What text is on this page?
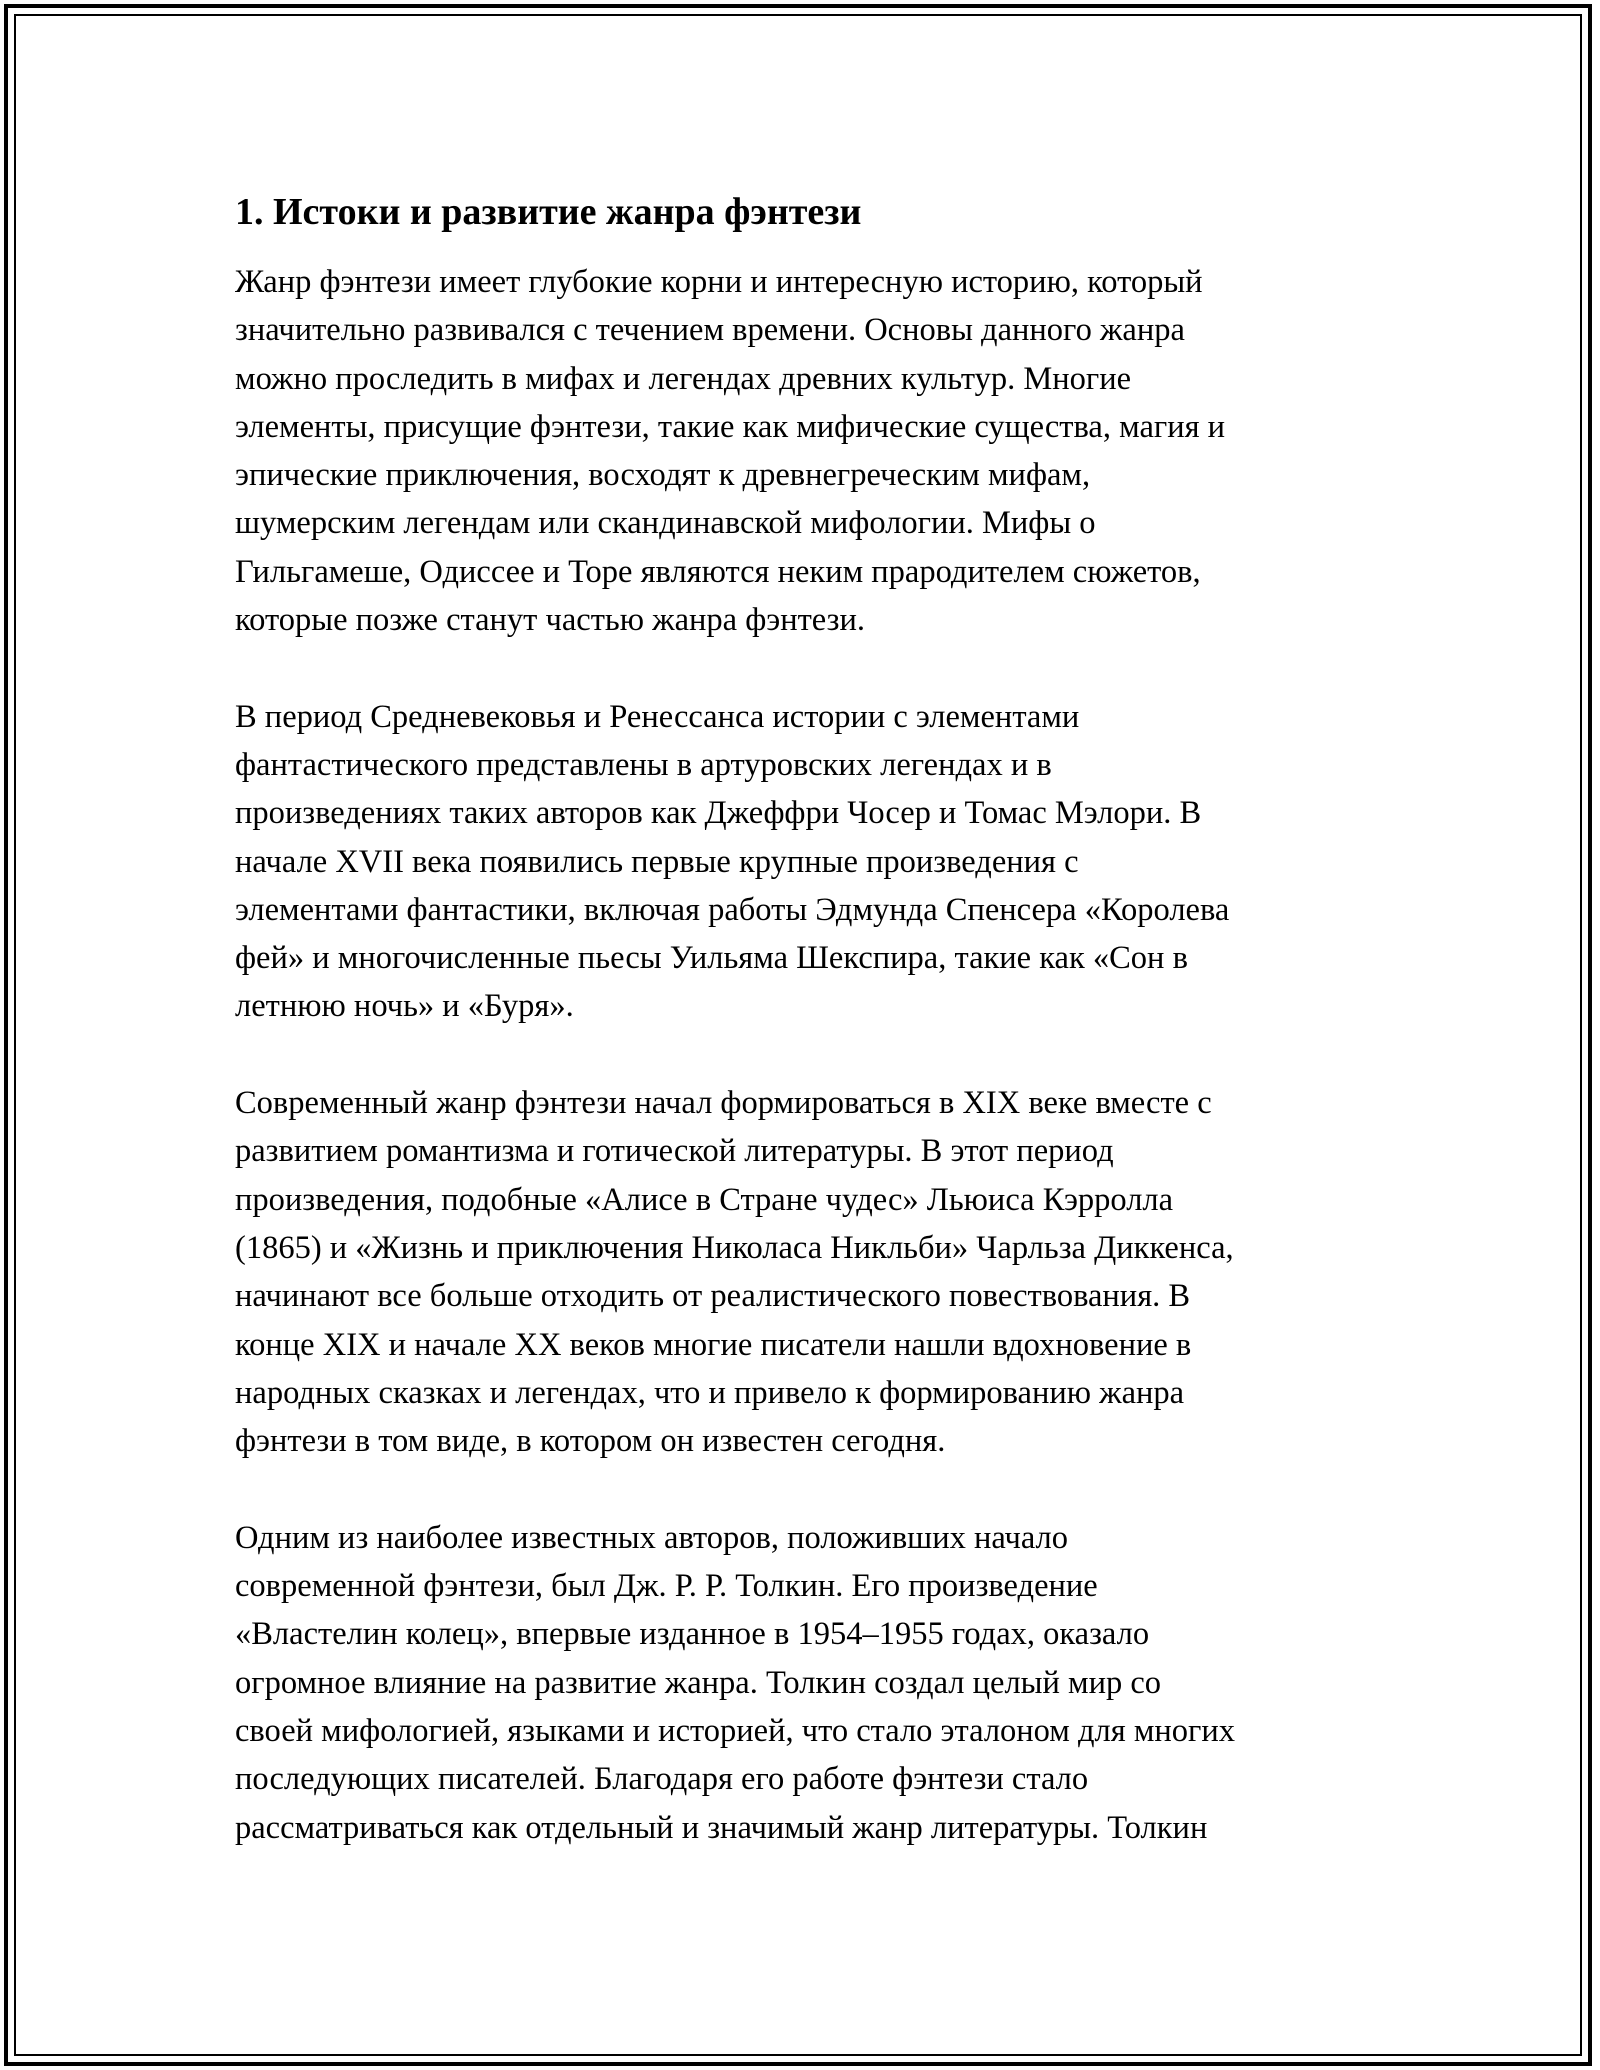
1. Истоки и развитие жанра фэнтези

Жанр фэнтези имеет глубокие корни и интересную историю, который
значительно развивался с течением времени. Основы данного жанра
можно проследить в мифах и легендах древних культур. Многие
элементы, присущие фэнтези, такие как мифические существа, магия и
эпические приключения, восходят к древнегреческим мифам,
шумерским легендам или скандинавской мифологии. Мифы о
Гильгамеше, Одиссее и Торе являются неким прародителем сюжетов,
которые позже станут частью жанра фэнтези.

В период Средневековья и Ренессанса истории с элементами
фантастического представлены в артуровских легендах и в
произведениях таких авторов как Джеффри Чосер и Томас Мэлори. В
начале XVII века появились первые крупные произведения с
элементами фантастики, включая работы Эдмунда Спенсера «Королева
фей» и многочисленные пьесы Уильяма Шекспира, такие как «Сон в
летнюю ночь» и «Буря».

Современный жанр фэнтези начал формироваться в XIX веке вместе с
развитием романтизма и готической литературы. В этот период
произведения, подобные «Алисе в Стране чудес» Льюиса Кэрролла
(1865) и «Жизнь и приключения Николаса Никльби» Чарльза Диккенса,
начинают все больше отходить от реалистического повествования. В
конце XIX и начале XX веков многие писатели нашли вдохновение в
народных сказках и легендах, что и привело к формированию жанра
фэнтези в том виде, в котором он известен сегодня.

Одним из наиболее известных авторов, положивших начало
современной фэнтези, был Дж. Р. Р. Толкин. Его произведение
«Властелин колец», впервые изданное в 1954–1955 годах, оказало
огромное влияние на развитие жанра. Толкин создал целый мир со
своей мифологией, языками и историей, что стало эталоном для многих
последующих писателей. Благодаря его работе фэнтези стало
рассматриваться как отдельный и значимый жанр литературы. Толкин
